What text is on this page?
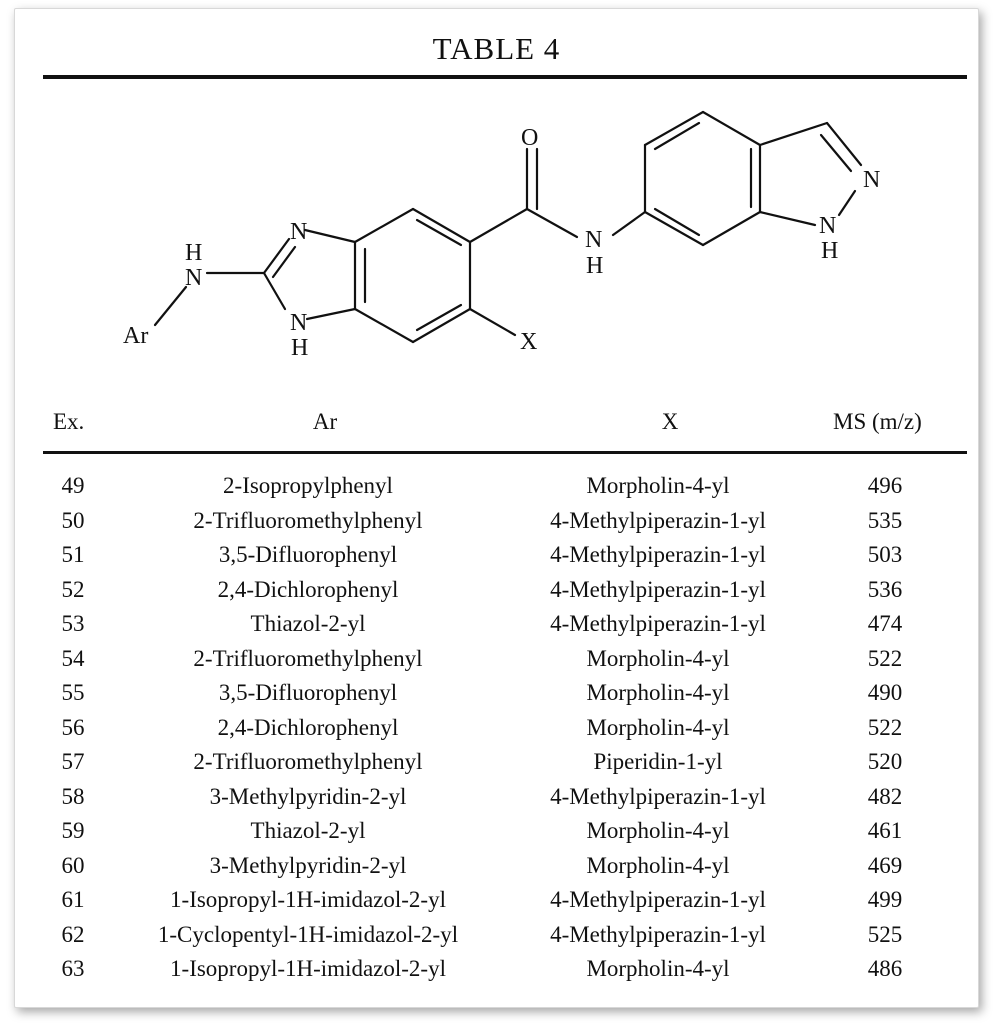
TABLE 4
O
N
N
H
H
N
Ar
N
H
X
N
N
H
Ex.	Ar	X	MS (m/z)
49	2-Isopropylphenyl	Morpholin-4-yl	496
50	2-Trifluoromethylphenyl	4-Methylpiperazin-1-yl	535
51	3,5-Difluorophenyl	4-Methylpiperazin-1-yl	503
52	2,4-Dichlorophenyl	4-Methylpiperazin-1-yl	536
53	Thiazol-2-yl	4-Methylpiperazin-1-yl	474
54	2-Trifluoromethylphenyl	Morpholin-4-yl	522
55	3,5-Difluorophenyl	Morpholin-4-yl	490
56	2,4-Dichlorophenyl	Morpholin-4-yl	522
57	2-Trifluoromethylphenyl	Piperidin-1-yl	520
58	3-Methylpyridin-2-yl	4-Methylpiperazin-1-yl	482
59	Thiazol-2-yl	Morpholin-4-yl	461
60	3-Methylpyridin-2-yl	Morpholin-4-yl	469
61	1-Isopropyl-1H-imidazol-2-yl	4-Methylpiperazin-1-yl	499
62	1-Cyclopentyl-1H-imidazol-2-yl	4-Methylpiperazin-1-yl	525
63	1-Isopropyl-1H-imidazol-2-yl	Morpholin-4-yl	486
